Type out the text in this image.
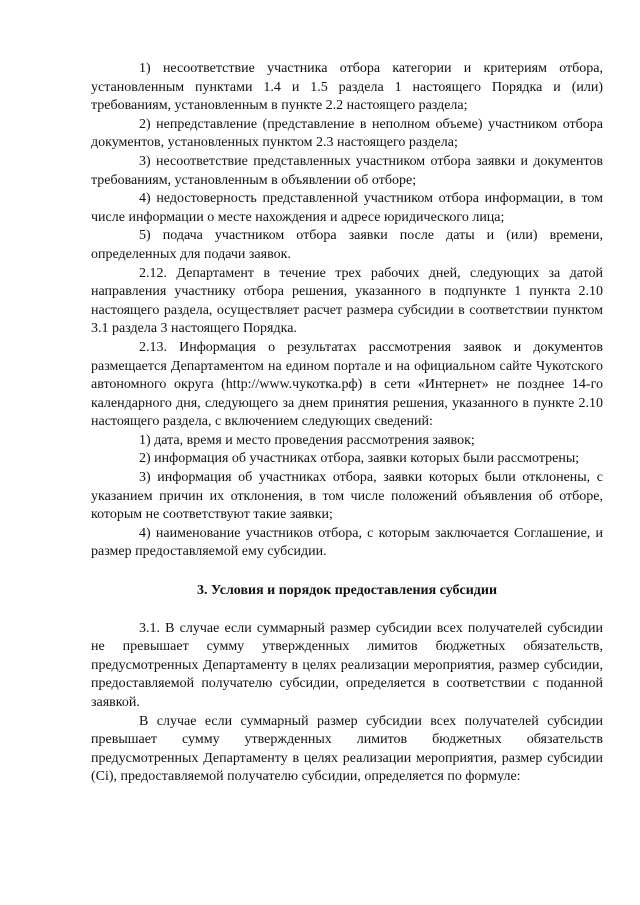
1) несоответствие участника отбора категории и критериям отбора, установленным пунктами 1.4 и 1.5 раздела 1 настоящего Порядка и (или) требованиям, установленным в пункте 2.2 настоящего раздела;

2) непредставление (представление в неполном объеме) участником отбора документов, установленных пунктом 2.3 настоящего раздела;

3) несоответствие представленных участником отбора заявки и документов требованиям, установленным в объявлении об отборе;

4) недостоверность представленной участником отбора информации, в том числе информации о месте нахождения и адресе юридического лица;

5) подача участником отбора заявки после даты и (или) времени, определенных для подачи заявок.

2.12. Департамент в течение трех рабочих дней, следующих за датой направления участнику отбора решения, указанного в подпункте 1 пункта 2.10 настоящего раздела, осуществляет расчет размера субсидии в соответствии пунктом 3.1 раздела 3 настоящего Порядка.

2.13. Информация о результатах рассмотрения заявок и документов размещается Департаментом на едином портале и на официальном сайте Чукотского автономного округа (http://www.чукотка.рф) в сети «Интернет» не позднее 14-го календарного дня, следующего за днем принятия решения, указанного в пункте 2.10 настоящего раздела, с включением следующих сведений:

1) дата, время и место проведения рассмотрения заявок;

2) информация об участниках отбора, заявки которых были рассмотрены;

3) информация об участниках отбора, заявки которых были отклонены, с указанием причин их отклонения, в том числе положений объявления об отборе, которым не соответствуют такие заявки;

4) наименование участников отбора, с которым заключается Соглашение, и размер предоставляемой ему субсидии.

3. Условия и порядок предоставления субсидии

3.1. В случае если суммарный размер субсидии всех получателей субсидии не превышает сумму утвержденных лимитов бюджетных обязательств, предусмотренных Департаменту в целях реализации мероприятия, размер субсидии, предоставляемой получателю субсидии, определяется в соответствии с поданной заявкой.

В случае если суммарный размер субсидии всех получателей субсидии превышает сумму утвержденных лимитов бюджетных обязательств предусмотренных Департаменту в целях реализации мероприятия, размер субсидии (Ci), предоставляемой получателю субсидии, определяется по формуле:
